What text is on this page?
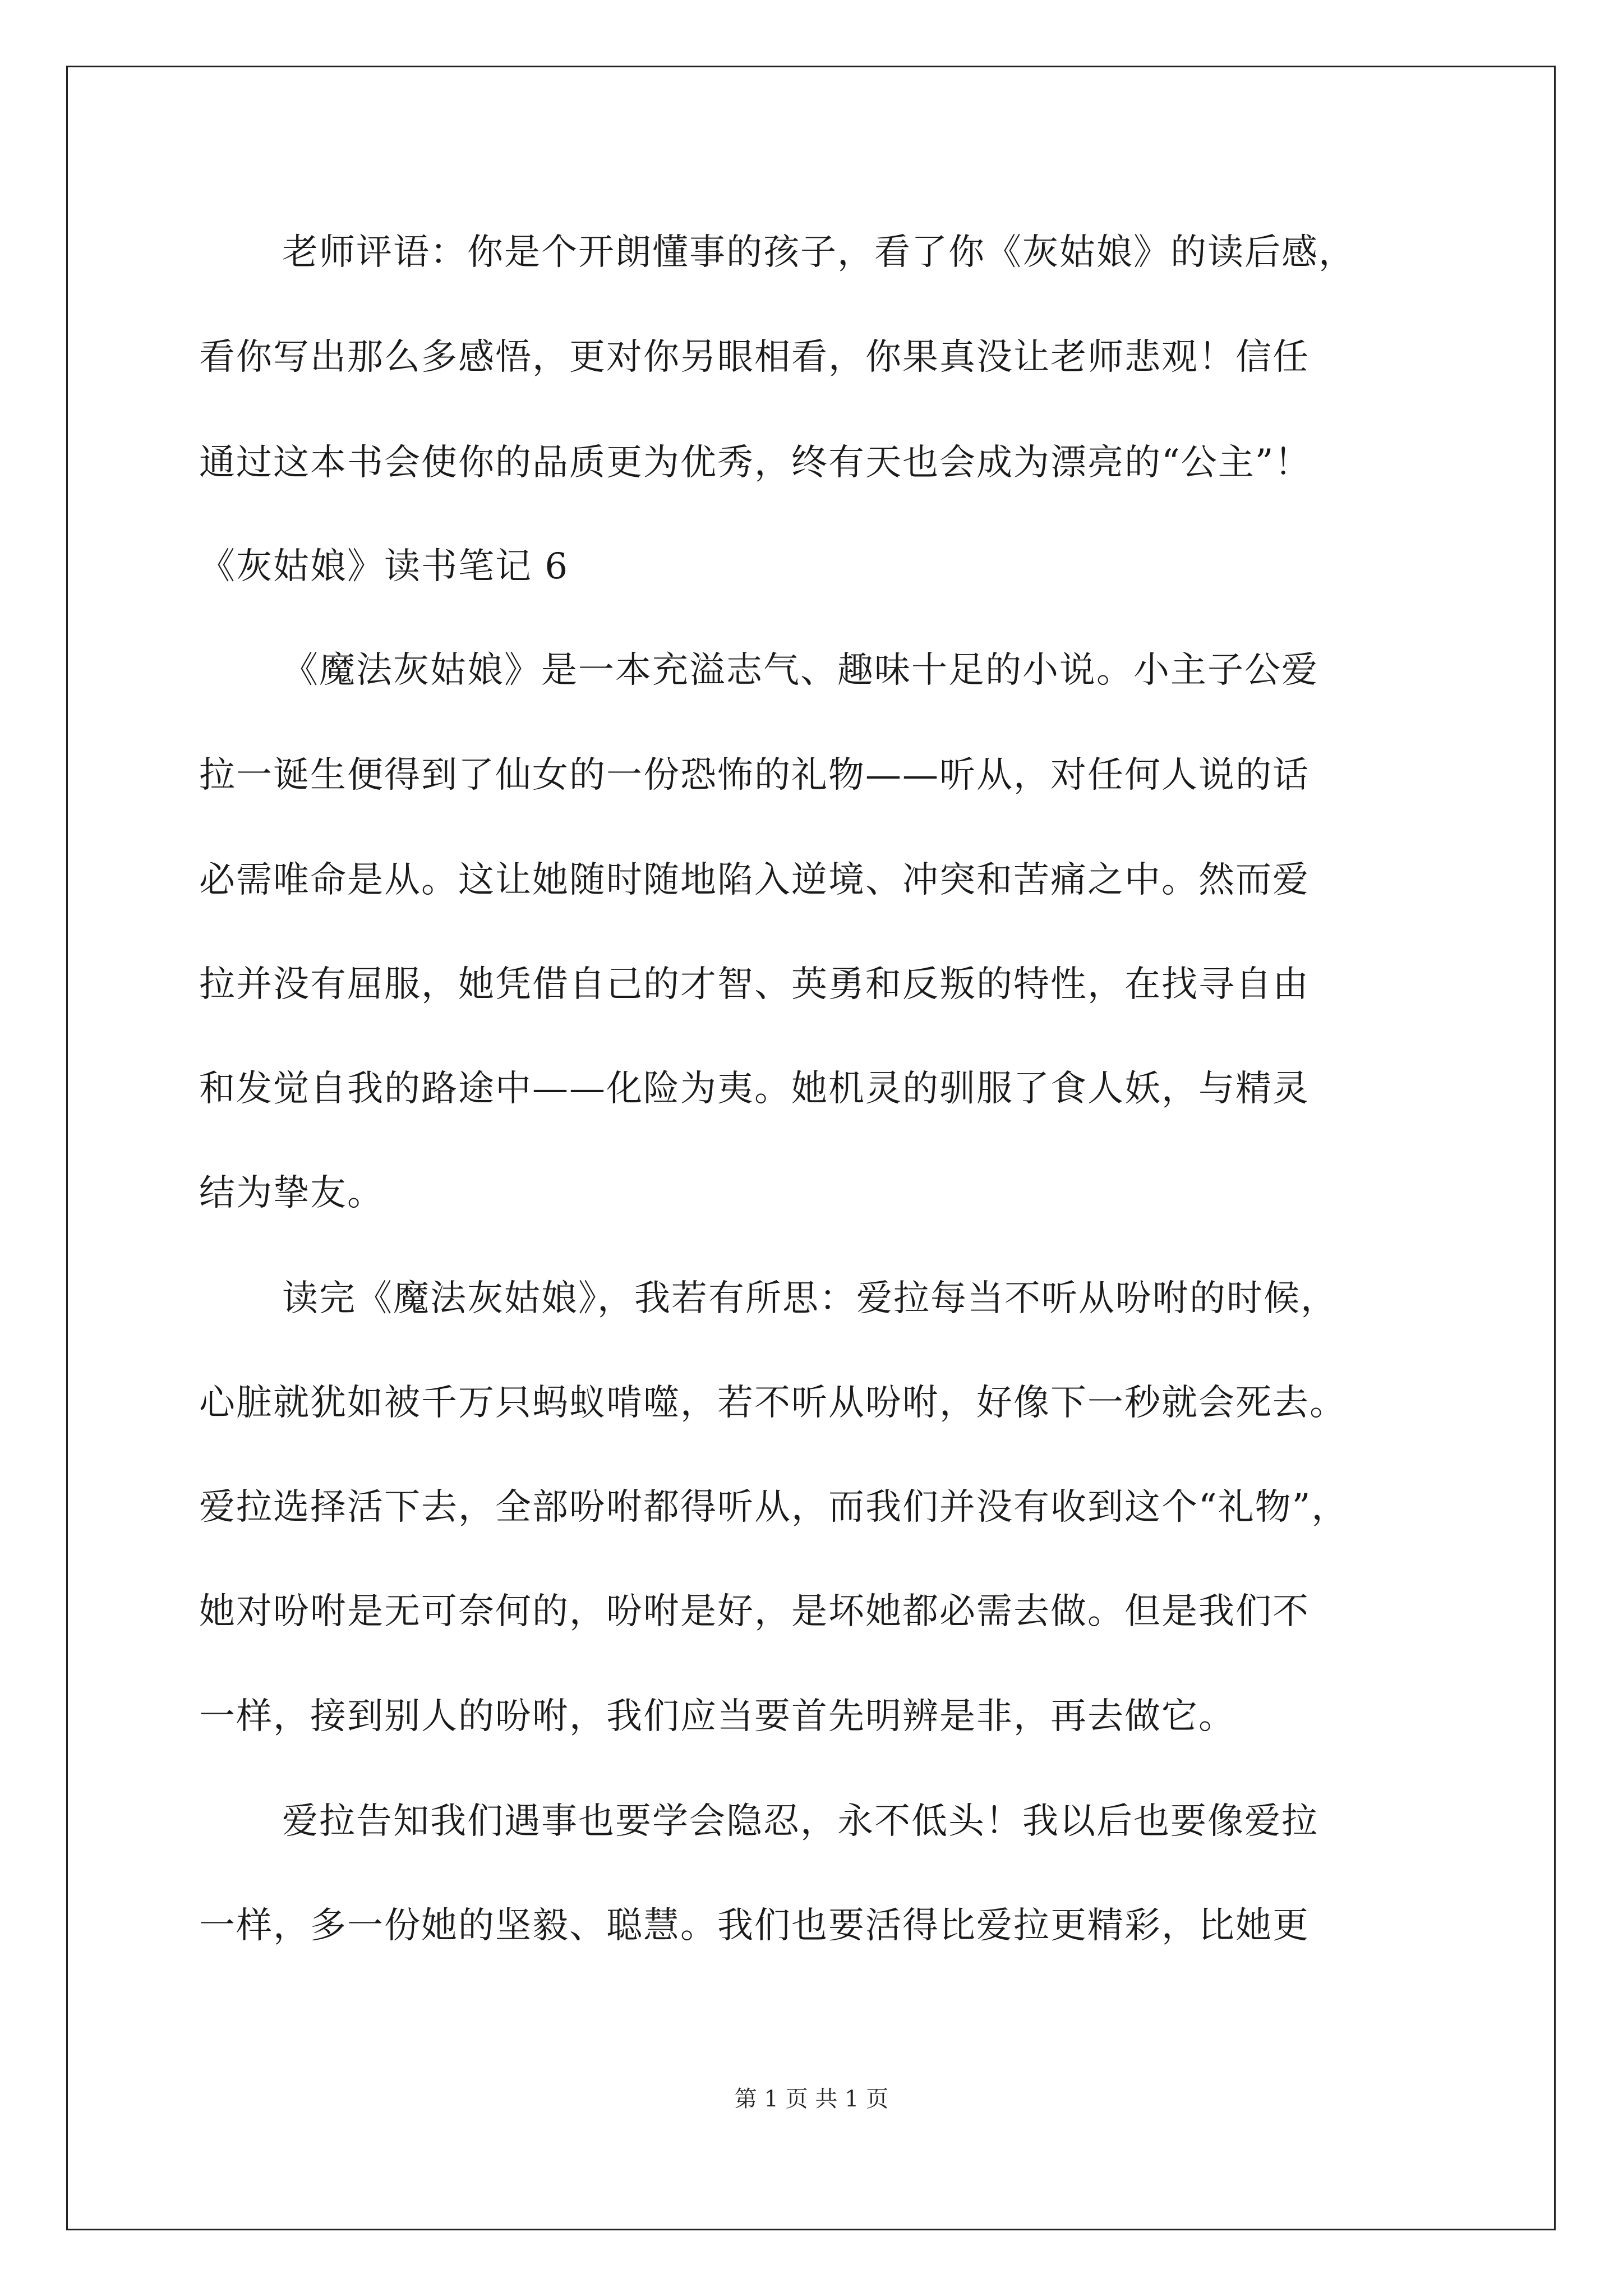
老师评语：你是个开朗懂事的孩子，看了你《灰姑娘》的读后感，
看你写出那么多感悟，更对你另眼相看，你果真没让老师悲观！信任
通过这本书会使你的品质更为优秀，终有天也会成为漂亮的“公主”！
《灰姑娘》读书笔记 6
《魔法灰姑娘》是一本充溢志气、趣味十足的小说。小主子公爱
拉一诞生便得到了仙女的一份恐怖的礼物——听从，对任何人说的话
必需唯命是从。这让她随时随地陷入逆境、冲突和苦痛之中。然而爱
拉并没有屈服，她凭借自己的才智、英勇和反叛的特性，在找寻自由
和发觉自我的路途中——化险为夷。她机灵的驯服了食人妖，与精灵
结为挚友。
读完《魔法灰姑娘》，我若有所思：爱拉每当不听从吩咐的时候，
心脏就犹如被千万只蚂蚁啃噬，若不听从吩咐，好像下一秒就会死去。
爱拉选择活下去，全部吩咐都得听从，而我们并没有收到这个“礼物”，
她对吩咐是无可奈何的，吩咐是好，是坏她都必需去做。但是我们不
一样，接到别人的吩咐，我们应当要首先明辨是非，再去做它。
爱拉告知我们遇事也要学会隐忍，永不低头！我以后也要像爱拉
一样，多一份她的坚毅、聪慧。我们也要活得比爱拉更精彩，比她更
第 1 页 共 1 页
